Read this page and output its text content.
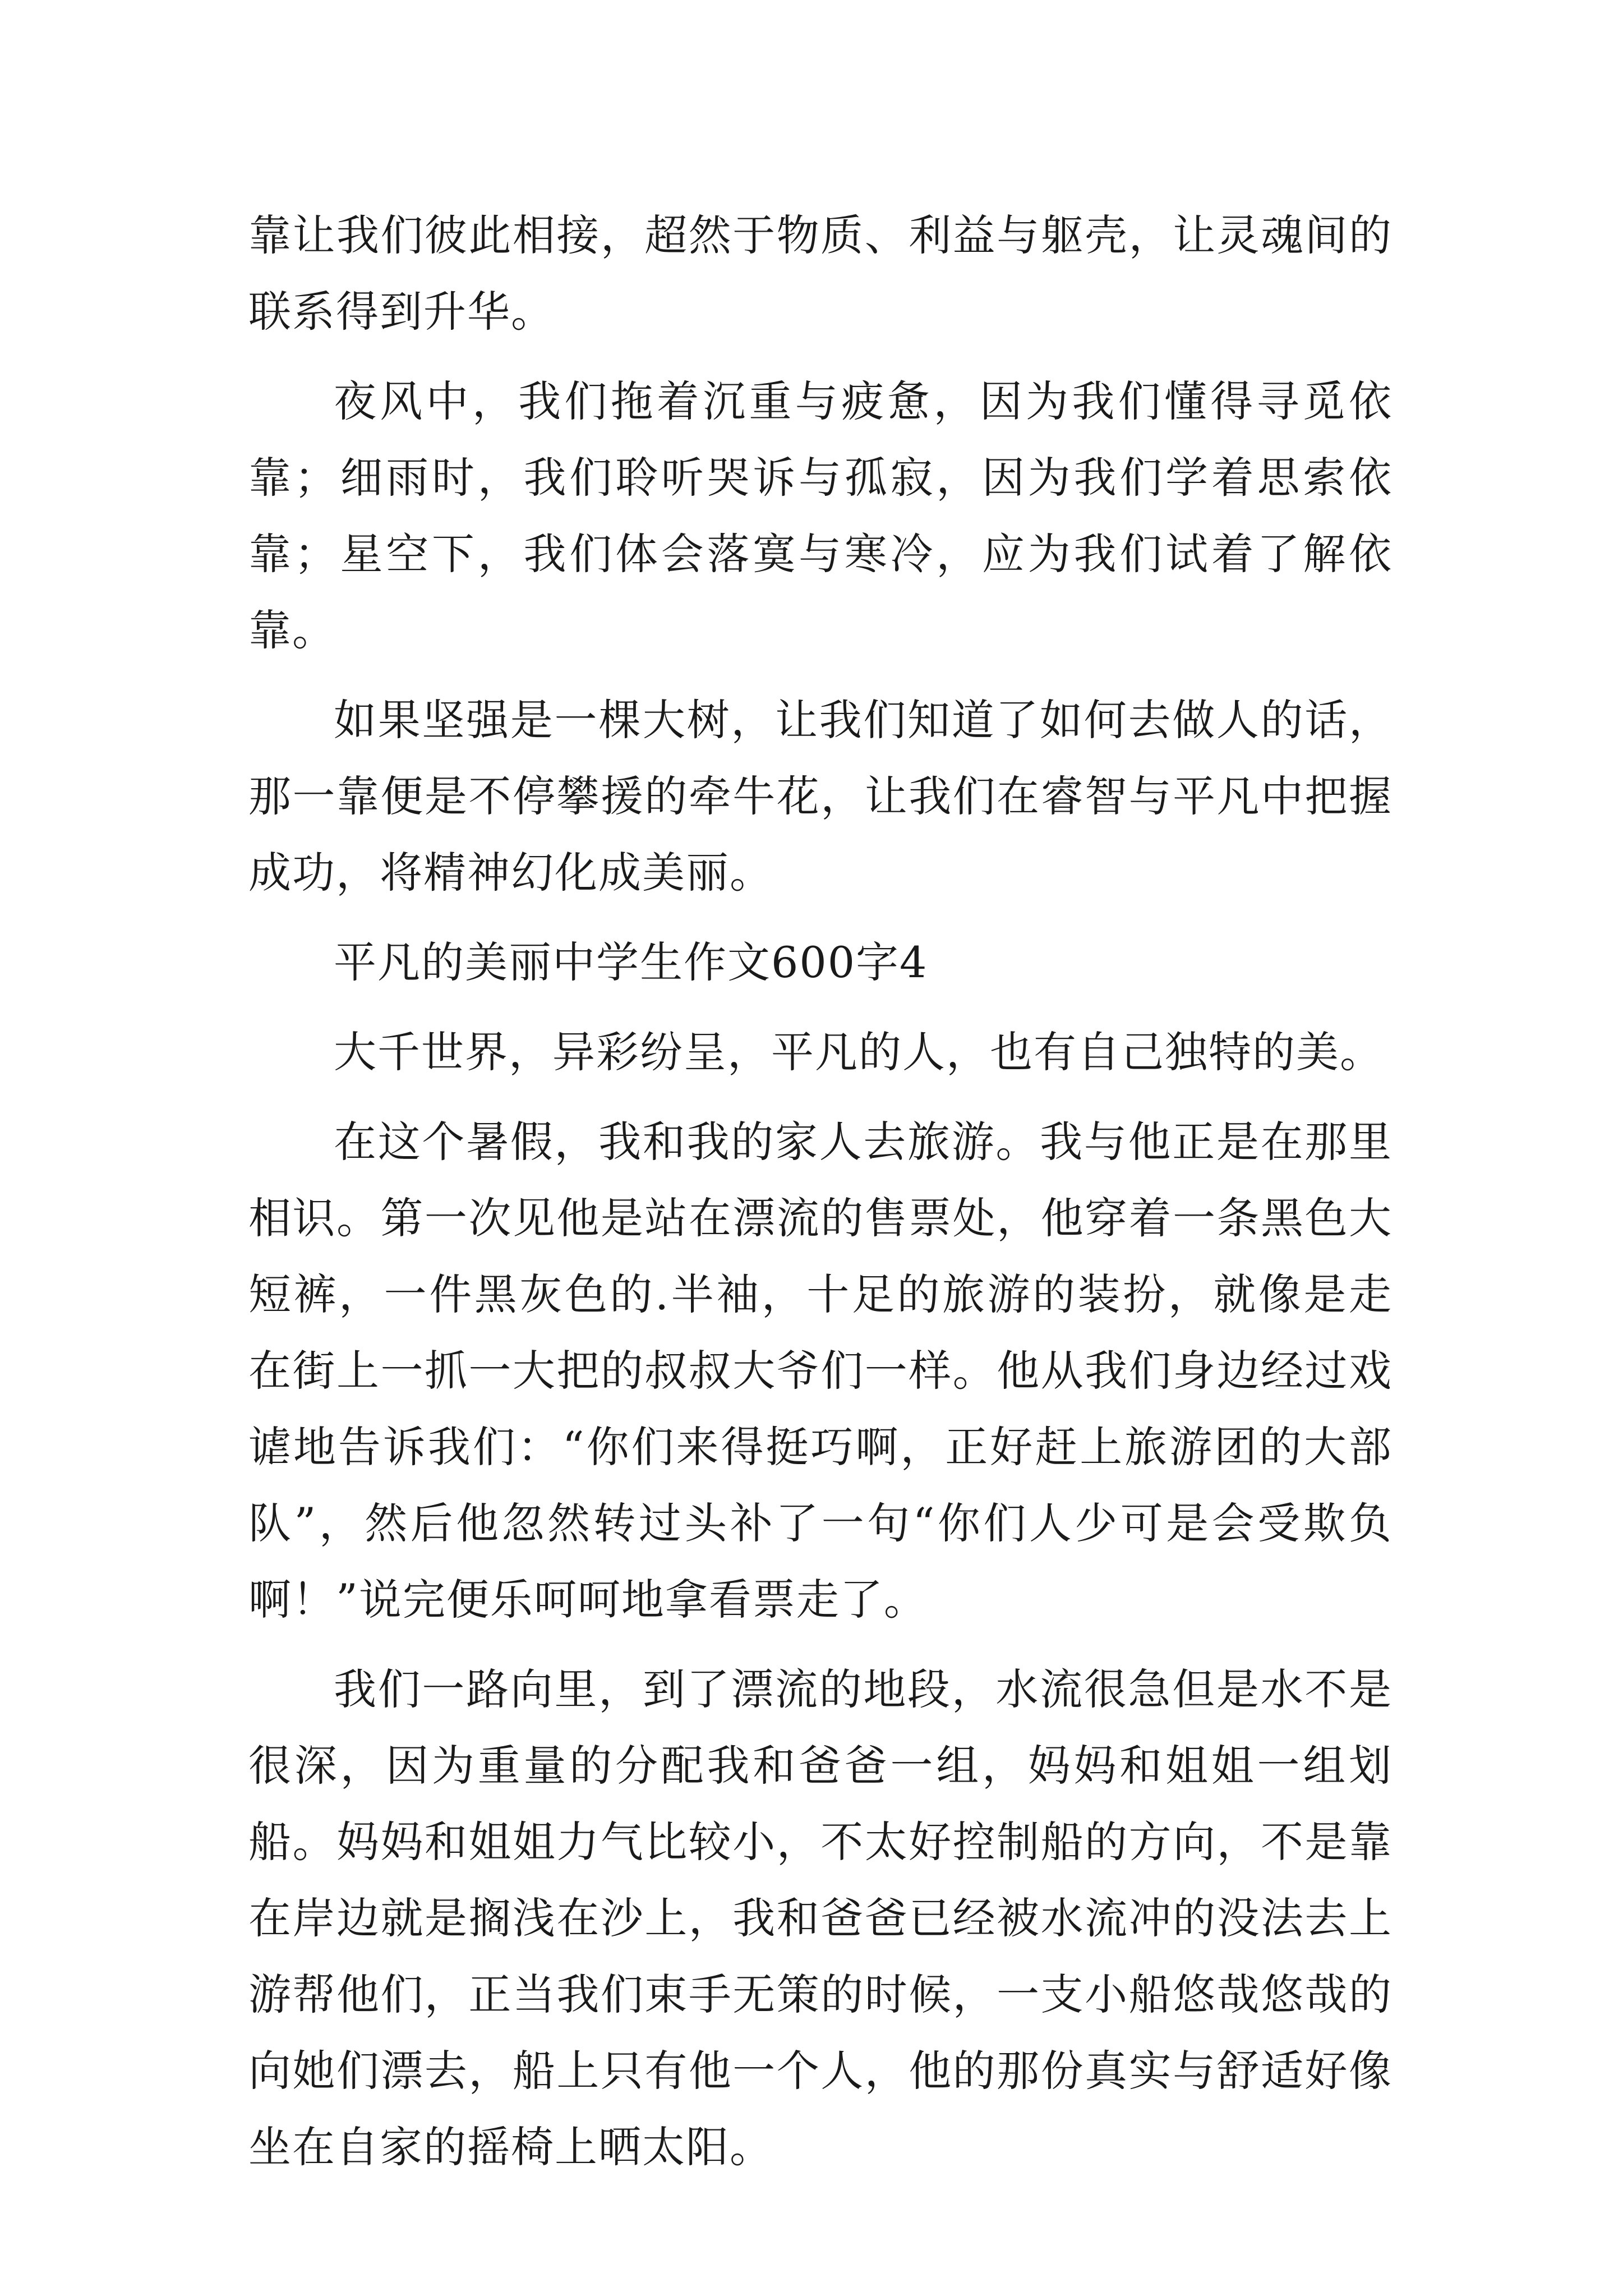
靠让我们彼此相接，超然于物质、利益与躯壳，让灵魂间的联系得到升华。

夜风中，我们拖着沉重与疲惫，因为我们懂得寻觅依靠；细雨时，我们聆听哭诉与孤寂，因为我们学着思索依靠；星空下，我们体会落寞与寒冷，应为我们试着了解依靠。

如果坚强是一棵大树，让我们知道了如何去做人的话，那一靠便是不停攀援的牵牛花，让我们在睿智与平凡中把握成功，将精神幻化成美丽。

平凡的美丽中学生作文600字4

大千世界，异彩纷呈，平凡的人，也有自己独特的美。

在这个暑假，我和我的家人去旅游。我与他正是在那里相识。第一次见他是站在漂流的售票处，他穿着一条黑色大短裤，一件黑灰色的.半袖，十足的旅游的装扮，就像是走在街上一抓一大把的叔叔大爷们一样。他从我们身边经过戏谑地告诉我们：“你们来得挺巧啊，正好赶上旅游团的大部队”，然后他忽然转过头补了一句“你们人少可是会受欺负啊！”说完便乐呵呵地拿看票走了。

我们一路向里，到了漂流的地段，水流很急但是水不是很深，因为重量的分配我和爸爸一组，妈妈和姐姐一组划船。妈妈和姐姐力气比较小，不太好控制船的方向，不是靠在岸边就是搁浅在沙上，我和爸爸已经被水流冲的没法去上游帮他们，正当我们束手无策的时候，一支小船悠哉悠哉的向她们漂去，船上只有他一个人，他的那份真实与舒适好像坐在自家的摇椅上晒太阳。
